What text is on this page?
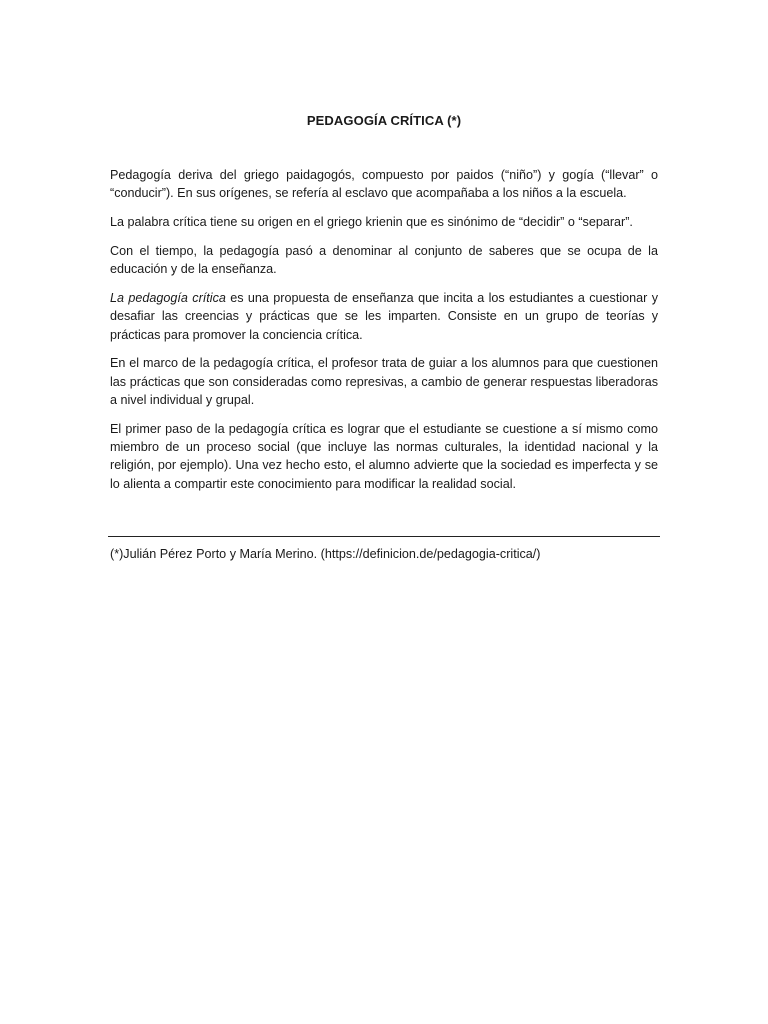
PEDAGOGÍA CRÍTICA (*)

Pedagogía deriva del griego paidagogós, compuesto por paidos (“niño”) y gogía (“llevar” o “conducir”). En sus orígenes, se refería al esclavo que acompañaba a los niños a la escuela.

La palabra crítica tiene su origen en el griego krienin que es sinónimo de “decidir” o “separar”.

Con el tiempo, la pedagogía pasó a denominar al conjunto de saberes que se ocupa de la educación y de la enseñanza.

La pedagogía crítica es una propuesta de enseñanza que incita a los estudiantes a cuestionar y desafiar las creencias y prácticas que se les imparten. Consiste en un grupo de teorías y prácticas para promover la conciencia crítica.

En el marco de la pedagogía crítica, el profesor trata de guiar a los alumnos para que cuestionen las prácticas que son consideradas como represivas, a cambio de generar respuestas liberadoras a nivel individual y grupal.

El primer paso de la pedagogía crítica es lograr que el estudiante se cuestione a sí mismo como miembro de un proceso social (que incluye las normas culturales, la identidad nacional y la religión, por ejemplo). Una vez hecho esto, el alumno advierte que la sociedad es imperfecta y se lo alienta a compartir este conocimiento para modificar la realidad social.

(*)Julián Pérez Porto y María Merino. (https://definicion.de/pedagogia-critica/)
